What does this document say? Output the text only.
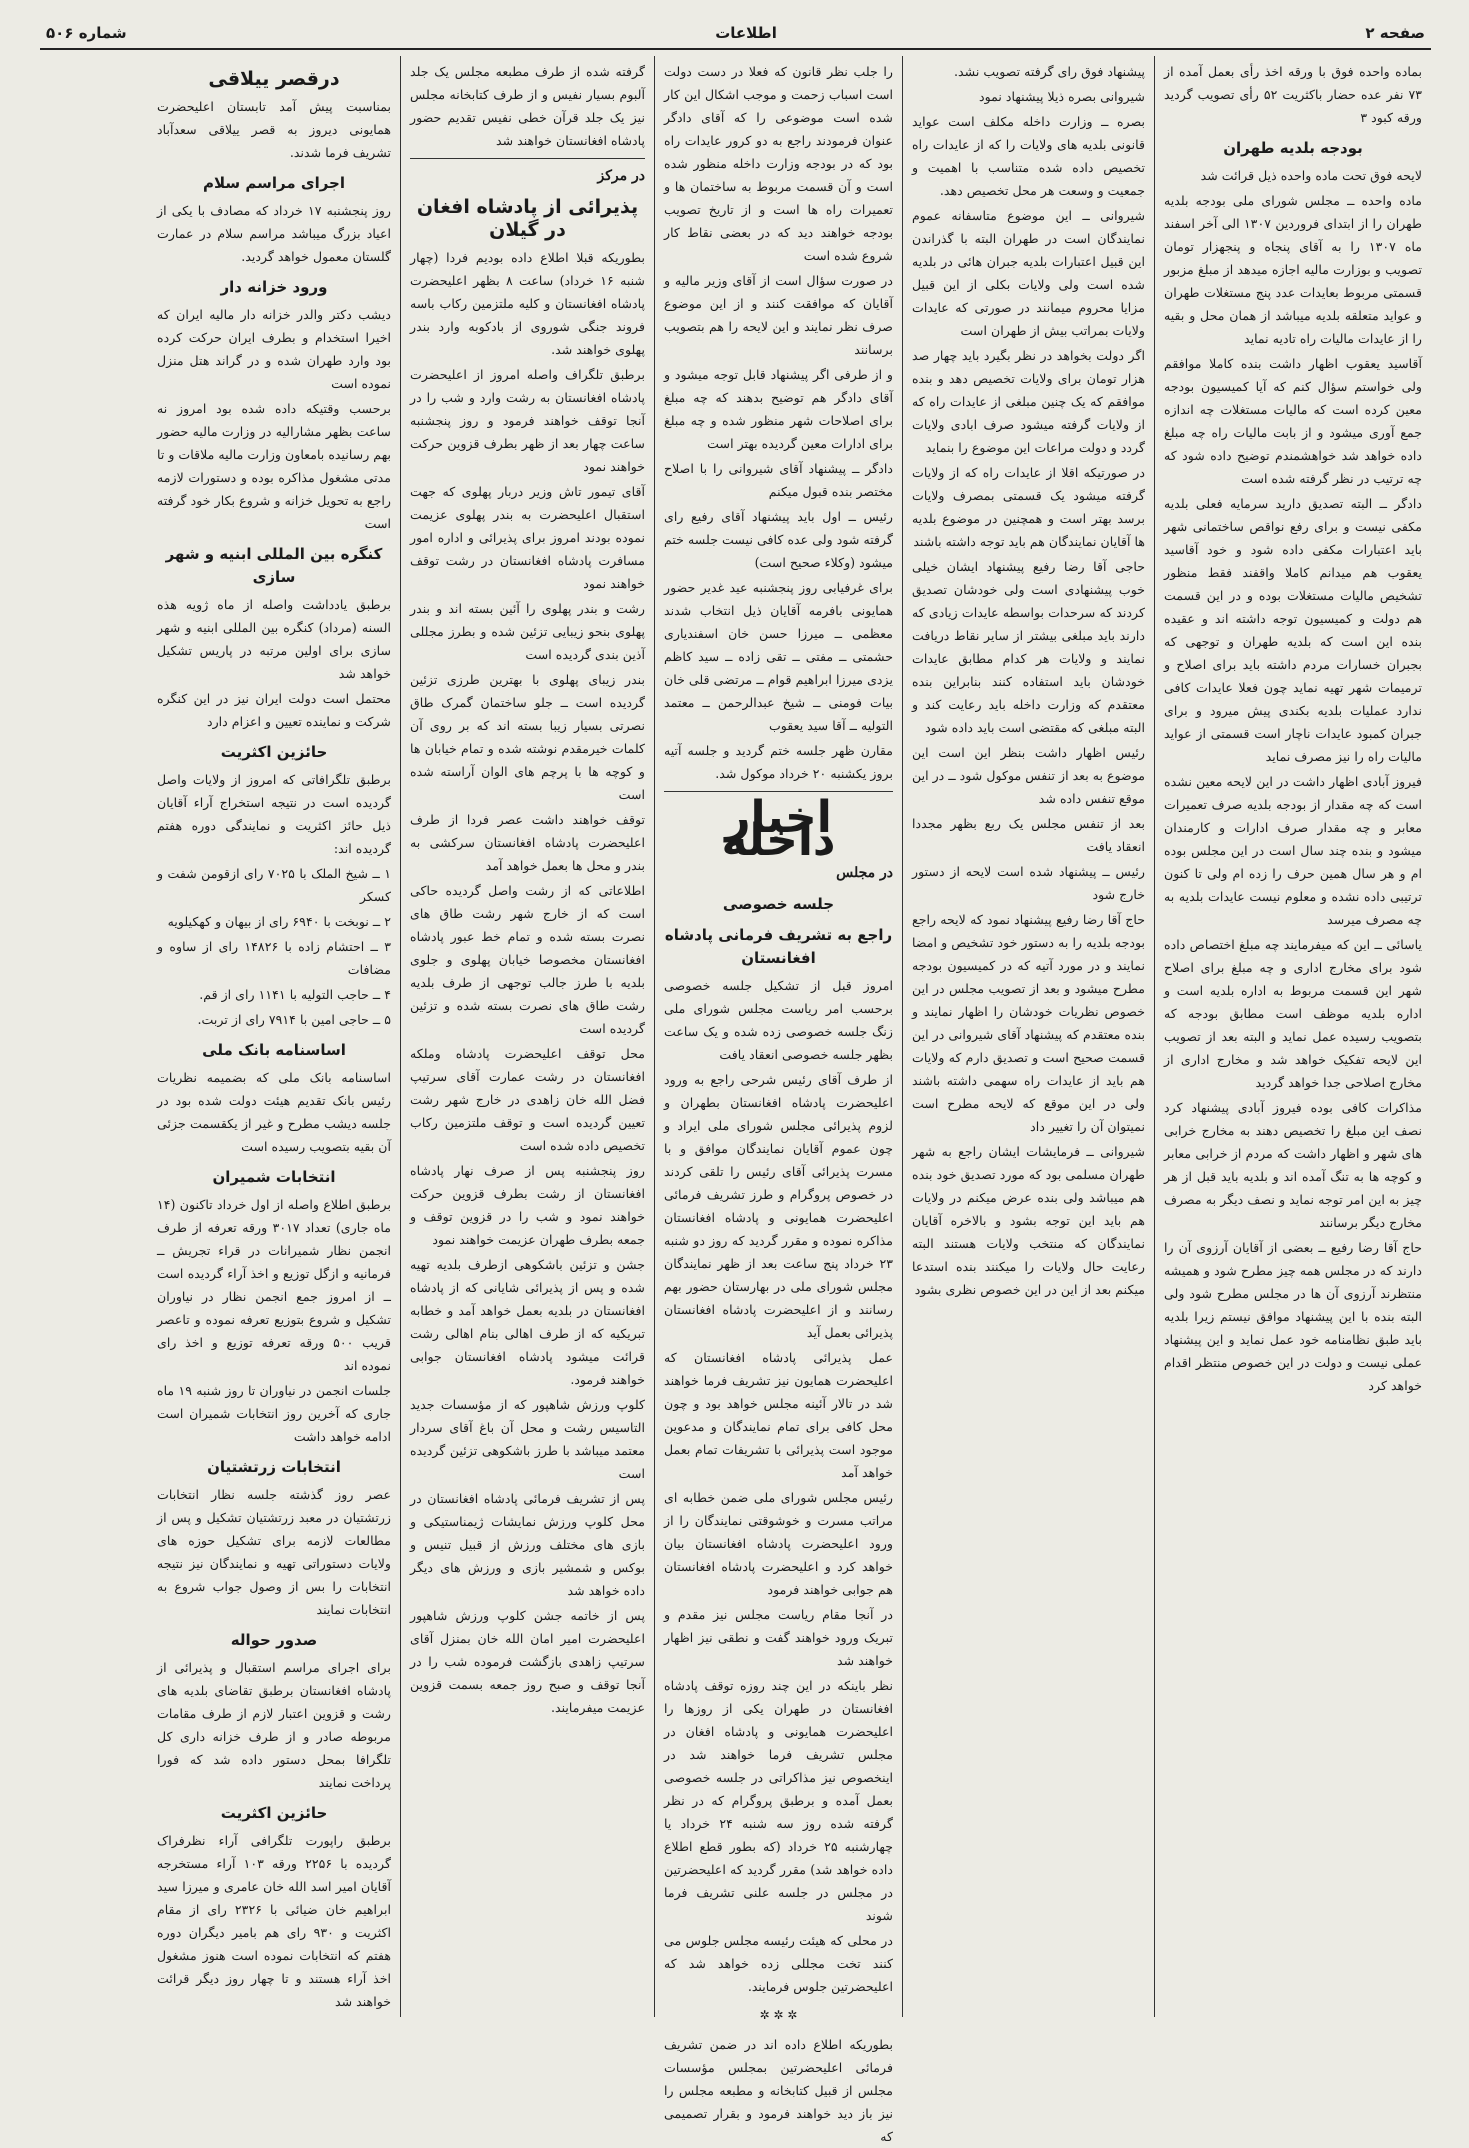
صفحه ۲
اطلاعات
شماره ۵۰۶

بماده واحده فوق با ورقه اخذ رأی بعمل آمده از ۷۳ نفر عده حضار باکثریت ۵۲ رأی تصویب گردید ورقه کبود ۳

بودجه بلدیه طهران

لایحه فوق تحت ماده واحده ذیل قرائت شد

ماده واحده ــ مجلس شورای ملی بودجه بلدیه طهران را از ابتدای فروردین ۱۳۰۷ الی آخر اسفند ماه ۱۳۰۷ را به آقای پنجاه و پنجهزار تومان تصویب و بوزارت ماليه اجازه میدهد از مبلغ مزبور قسمتی مربوط بعایدات عدد پنج مستغلات طهران و عواید متعلقه بلدیه میباشد از همان محل و بقیه را از عایدات مالیات راه تادیه نماید

آقاسید یعقوب اظهار داشت بنده کاملا موافقم ولی خواستم سؤال کنم که آیا کمیسیون بودجه معین کرده است که مالیات مستغلات چه اندازه جمع آوری میشود و از بابت مالیات راه چه مبلغ داده خواهد شد خواهشمندم توضیح داده شود که چه ترتیب در نظر گرفته شده است

دادگر ــ البته تصدیق دارید سرمایه فعلی بلدیه مکفی نیست و برای رفع نواقص ساختمانی شهر باید اعتبارات مکفی داده شود و خود آقاسید یعقوب هم میدانم کاملا واقفند فقط منظور تشخیص مالیات مستغلات بوده و در این قسمت هم دولت و کمیسیون توجه داشته اند و عقیده بنده این است که بلدیه طهران و توجهی که بجبران خسارات مردم داشته باید برای اصلاح و ترمیمات شهر تهیه نماید چون فعلا عایدات کافی ندارد عملیات بلدیه بکندی پیش میرود و برای جبران کمبود عایدات ناچار است قسمتی از عواید مالیات راه را نیز مصرف نماید

فیروز آبادی اظهار داشت در این لایحه معین نشده است که چه مقدار از بودجه بلدیه صرف تعمیرات معابر و چه مقدار صرف ادارات و کارمندان میشود و بنده چند سال است در این مجلس بوده ام و هر سال همین حرف را زده ام ولی تا کنون ترتیبی داده نشده و معلوم نیست عایدات بلدیه به چه مصرف میرسد

یاسائی ــ این که میفرمایند چه مبلغ اختصاص داده شود برای مخارج اداری و چه مبلغ برای اصلاح شهر این قسمت مربوط به اداره بلدیه است و اداره بلدیه موظف است مطابق بودجه که بتصویب رسیده عمل نماید و البته بعد از تصویب این لایحه تفکیک خواهد شد و مخارج اداری از مخارج اصلاحی جدا خواهد گردید

مذاکرات کافی بوده فیروز آبادی پیشنهاد کرد نصف این مبلغ را تخصیص دهند به مخارج خرابی های شهر و اظهار داشت که مردم از خرابی معابر و کوچه ها به تنگ آمده اند و بلدیه باید قبل از هر چیز به این امر توجه نماید و نصف دیگر به مصرف مخارج دیگر برسانند

حاج آقا رضا رفیع ــ بعضی از آقایان آرزوی آن را دارند که در مجلس همه چیز مطرح شود و همیشه منتظرند آرزوی آن ها در مجلس مطرح شود ولی البته بنده با این پیشنهاد موافق نیستم زیرا بلدیه باید طبق نظامنامه خود عمل نماید و این پیشنهاد عملی نیست و دولت در این خصوص منتظر اقدام خواهد کرد

پیشنهاد فوق رای گرفته تصویب نشد.

شیروانی بصره ذیلا پیشنهاد نمود

بصره ــ وزارت داخله مکلف است عواید قانونی بلدیه های ولایات را که از عایدات راه تخصیص داده شده متناسب با اهمیت و جمعیت و وسعت هر محل تخصیص دهد.

شیروانی ــ این موضوع متاسفانه عموم نمایندگان است در طهران البته با گذراندن این قبیل اعتبارات بلدیه جبران هائی در بلدیه شده است ولی ولایات بکلی از این قبیل مزایا محروم میمانند در صورتی که عایدات ولایات بمراتب بیش از طهران است

اگر دولت بخواهد در نظر بگیرد باید چهار صد هزار تومان برای ولایات تخصیص دهد و بنده موافقم که یک چنین مبلغی از عایدات راه که از ولایات گرفته میشود صرف ابادی ولایات گردد و دولت مراعات این موضوع را بنماید

در صورتیکه اقلا از عایدات راه که از ولایات گرفته میشود یک قسمتی بمصرف ولایات برسد بهتر است و همچنین در موضوع بلدیه ها آقایان نمایندگان هم باید توجه داشته باشند

حاجی آقا رضا رفیع پیشنهاد ایشان خیلی خوب پیشنهادی است ولی خودشان تصدیق کردند که سرحدات بواسطه عایدات زیادی که دارند باید مبلغی بیشتر از سایر نقاط دریافت نمایند و ولایات هر کدام مطابق عایدات خودشان باید استفاده کنند بنابراین بنده معتقدم که وزارت داخله باید رعایت کند و البته مبلغی که مقتضی است باید داده شود

رئیس اظهار داشت بنظر این است این موضوع به بعد از تنفس موکول شود ــ در این موقع تنفس داده شد

بعد از تنفس مجلس یک ربع بظهر مجددا انعقاد یافت

رئیس ــ پیشنهاد شده است لایحه از دستور خارج شود

حاج آقا رضا رفیع پیشنهاد نمود که لایحه راجع بودجه بلدیه را به دستور خود تشخیص و امضا نمایند و در مورد آتیه که در کمیسیون بودجه مطرح میشود و بعد از تصویب مجلس در این خصوص نظریات خودشان را اظهار نمایند و بنده معتقدم که پیشنهاد آقای شیروانی در این قسمت صحیح است و تصدیق دارم که ولایات هم باید از عایدات راه سهمی داشته باشند ولی در این موقع که لایحه مطرح است نمیتوان آن را تغییر داد

شیروانی ــ فرمایشات ایشان راجع به شهر طهران مسلمی بود که مورد تصدیق خود بنده هم میباشد ولی بنده عرض میکنم در ولایات هم باید این توجه بشود و بالاخره آقایان نمایندگان که منتخب ولایات هستند البته رعایت حال ولایات را میکنند بنده استدعا میکنم بعد از این در این خصوص نظری بشود

را جلب نظر قانون که فعلا در دست دولت است اسباب زحمت و موجب اشکال این کار شده است موضوعی را که آقای دادگر عنوان فرمودند راجع به دو کرور عایدات راه بود که در بودجه وزارت داخله منظور شده است و آن قسمت مربوط به ساختمان ها و تعمیرات راه ها است و از تاریخ تصویب بودجه خواهند دید که در بعضی نقاط کار شروع شده است

در صورت سؤال است از آقای وزیر مالیه و آقایان که موافقت کنند و از این موضوع صرف نظر نمایند و این لایحه را هم بتصویب برسانند

و از طرفی اگر پیشنهاد قابل توجه میشود و آقای دادگر هم توضیح بدهند که چه مبلغ برای اصلاحات شهر منظور شده و چه مبلغ برای ادارات معین گردیده بهتر است

دادگر ــ پیشنهاد آقای شیروانی را با اصلاح مختصر بنده قبول میکنم

رئیس ــ اول باید پیشنهاد آقای رفیع رای گرفته شود ولی عده کافی نیست جلسه ختم میشود (وکلاء صحیح است)

برای غرفیابی روز پنجشنبه عید غدیر حضور همایونی بافرمه آقایان ذیل انتخاب شدند معظمی ــ میرزا حسن خان اسفندیاری حشمتی ــ مفتی ــ تقی زاده ــ سید کاظم یزدی میرزا ابراهیم قوام ــ مرتضی قلی خان بیات فومنی ــ شیخ عبدالرحمن ــ معتمد التولیه ــ آقا سید یعقوب

مقارن ظهر جلسه ختم گردید و جلسه آتیه بروز یکشنبه ۲۰ خرداد موکول شد.

اخبار داخله
در مجلس
جلسه خصوصی
راجع به تشریف فرمانی پادشاه افغانستان

امروز قبل از تشکیل جلسه خصوصی برحسب امر ریاست مجلس شورای ملی زنگ جلسه خصوصی زده شده و یک ساعت بظهر جلسه خصوصی انعقاد یافت

از طرف آقای رئیس شرحی راجع به ورود اعلیحضرت پادشاه افغانستان بطهران و لزوم پذیرائی مجلس شورای ملی ایراد و چون عموم آقایان نمایندگان موافق و با مسرت پذیرائی آقای رئیس را تلقی کردند در خصوص پروگرام و طرز تشریف فرمائی اعلیحضرت همایونی و پادشاه افغانستان مذاکره نموده و مقرر گردید که روز دو شنبه ۲۳ خرداد پنج ساعت بعد از ظهر نمایندگان مجلس شورای ملی در بهارستان حضور بهم رسانند و از اعلیحضرت پادشاه افغانستان پذیرائی بعمل آید

عمل پذیرائی پادشاه افغانستان که اعلیحضرت همایون نیز تشریف فرما خواهند شد در تالار آئینه مجلس خواهد بود و چون محل کافی برای تمام نمایندگان و مدعوین موجود است پذیرائی با تشریفات تمام بعمل خواهد آمد

رئیس مجلس شورای ملی ضمن خطابه ای مراتب مسرت و خوشوقتی نمایندگان را از ورود اعلیحضرت پادشاه افغانستان بیان خواهد کرد و اعلیحضرت پادشاه افغانستان هم جوابی خواهند فرمود

در آنجا مقام ریاست مجلس نیز مقدم و تبریک ورود خواهند گفت و نطقی نیز اظهار خواهند شد

نظر باینکه در این چند روزه توقف پادشاه افغانستان در طهران یکی از روزها را اعلیحضرت همایونی و پادشاه افغان در مجلس تشریف فرما خواهند شد در اینخصوص نیز مذاکراتی در جلسه خصوصی بعمل آمده و برطبق پروگرام که در نظر گرفته شده روز سه شنبه ۲۴ خرداد یا چهارشنبه ۲۵ خرداد (که بطور قطع اطلاع داده خواهد شد) مقرر گردید که اعلیحضرتین در مجلس در جلسه علنی تشریف فرما شوند

در محلی که هیئت رئیسه مجلس جلوس می کنند تخت مجللی زده خواهد شد که اعلیحضرتین جلوس فرمایند.

✲ ✲ ✲

بطوریکه اطلاع داده اند در ضمن تشریف فرمائی اعلیحضرتین بمجلس مؤسسات مجلس از قبیل کتابخانه و مطبعه مجلس را نیز باز دید خواهند فرمود و بقرار تصمیمی که

گرفته شده از طرف مطبعه مجلس یک جلد آلبوم بسیار نفیس و از طرف کتابخانه مجلس نیز یک جلد قرآن خطی نفیس تقدیم حضور پادشاه افغانستان خواهند شد

در مرکز
پذیرائی از پادشاه افغان در گیلان

بطوریکه قبلا اطلاع داده بودیم فردا (چهار شنبه ۱۶ خرداد) ساعت ۸ بظهر اعلیحضرت پادشاه افغانستان و کلیه ملتزمین رکاب باسه فروند جنگی شوروی از بادکوبه وارد بندر پهلوی خواهند شد.

برطبق تلگراف واصله امروز از اعلیحضرت پادشاه افغانستان به رشت وارد و شب را در آنجا توقف خواهند فرمود و روز پنجشنبه ساعت چهار بعد از ظهر بطرف قزوین حرکت خواهند نمود

آقای تیمور تاش وزیر دربار پهلوی که جهت استقبال اعلیحضرت به بندر پهلوی عزیمت نموده بودند امروز برای پذیرائی و اداره امور مسافرت پادشاه افغانستان در رشت توقف خواهند نمود

رشت و بندر پهلوی را آئین بسته اند و بندر پهلوی بنحو زیبایی تزئین شده و بطرز مجللی آذین بندی گردیده است

بندر زیبای پهلوی با بهترین طرزی تزئین گردیده است ــ جلو ساختمان گمرک طاق نصرتی بسیار زیبا بسته اند که بر روی آن کلمات خیرمقدم نوشته شده و تمام خیابان ها و کوچه ها با پرچم های الوان آراسته شده است

توقف خواهند داشت عصر فردا از طرف اعلیحضرت پادشاه افغانستان سرکشی به بندر و محل ها بعمل خواهد آمد

اطلاعاتی که از رشت واصل گردیده حاکی است که از خارج شهر رشت طاق های نصرت بسته شده و تمام خط عبور پادشاه افغانستان مخصوصا خیابان پهلوی و جلوی بلدیه با طرز جالب توجهی از طرف بلدیه رشت طاق های نصرت بسته شده و تزئین گردیده است

محل توقف اعلیحضرت پادشاه وملکه افغانستان در رشت عمارت آقای سرتیپ فضل الله خان زاهدی در خارج شهر رشت تعیین گردیده است و توقف ملتزمین رکاب تخصیص داده شده است

روز پنجشنبه پس از صرف نهار پادشاه افغانستان از رشت بطرف قزوین حرکت خواهند نمود و شب را در قزوین توقف و جمعه بطرف طهران عزیمت خواهند نمود

جشن و تزئین باشکوهی ازطرف بلدیه تهیه شده و پس از پذیرائی شایانی که از پادشاه افغانستان در بلدیه بعمل خواهد آمد و خطابه تبریکیه که از طرف اهالی بنام اهالی رشت قرائت میشود پادشاه افغانستان جوابی خواهند فرمود.

کلوپ ورزش شاهپور که از مؤسسات جدید التاسیس رشت و محل آن باغ آقای سردار معتمد میباشد با طرز باشکوهی تزئین گردیده است

پس از تشریف فرمائی پادشاه افغانستان در محل کلوپ ورزش نمایشات ژیمناستیکی و بازی های مختلف ورزش از قبیل تنیس و بوکس و شمشیر بازی و ورزش های دیگر داده خواهد شد

پس از خاتمه جشن کلوپ ورزش شاهپور اعلیحضرت امیر امان الله خان بمنزل آقای سرتیپ زاهدی بازگشت فرموده شب را در آنجا توقف و صبح روز جمعه بسمت قزوین عزیمت میفرمایند.

درقصر ییلاقی

بمناسبت پیش آمد تابستان اعلیحضرت همایونی دیروز به قصر ییلاقی سعدآباد تشریف فرما شدند.

اجرای مراسم سلام

روز پنجشنبه ۱۷ خرداد که مصادف با یکی از اعیاد بزرگ میباشد مراسم سلام در عمارت گلستان معمول خواهد گردید.

ورود خزانه دار

دیشب دکتر والدر خزانه دار مالیه ایران که اخیرا استخدام و بطرف ایران حرکت کرده بود وارد طهران شده و در گراند هتل منزل نموده است

برحسب وقتیکه داده شده بود امروز نه ساعت بظهر مشارالیه در وزارت مالیه حضور بهم رسانیده بامعاون وزارت مالیه ملاقات و تا مدتی مشغول مذاکره بوده و دستورات لازمه راجع به تحویل خزانه و شروع بکار خود گرفته است

کنگره بین المللی ابنیه و شهر سازی

برطبق یادداشت واصله از ماه ژویه هذه السنه (مرداد) کنگره بین المللی ابنیه و شهر سازی برای اولین مرتبه در پاریس تشکیل خواهد شد

محتمل است دولت ایران نیز در این کنگره شرکت و نماینده تعیین و اعزام دارد

حائزین اکثریت

برطبق تلگرافاتی که امروز از ولایات واصل گردیده است در نتیجه استخراج آراء آقایان ذیل حائز اکثریت و نمایندگی دوره هفتم گردیده اند:

۱ ــ شیخ الملک با ۷۰۲۵ رای ازقومن شفت و کسکر

۲ ــ نوبخت با ۶۹۴۰ رای از بیهان و کهکیلویه

۳ ــ احتشام زاده با ۱۴۸۲۶ رای از ساوه و مضافات

۴ ــ حاجب التولیه با ۱۱۴۱ رای از قم.

۵ ــ حاجی امین با ۷۹۱۴ رای از تربت.

اساسنامه بانک ملی

اساسنامه بانک ملی که بضمیمه نظریات رئیس بانک تقدیم هیئت دولت شده بود در جلسه دیشب مطرح و غیر از یکقسمت جزئی آن بقیه بتصویب رسیده است

انتخابات شمیران

برطبق اطلاع واصله از اول خرداد تاکنون (۱۴ ماه جاری) تعداد ۳۰۱۷ ورقه تعرفه از طرف انجمن نظار شمیرانات در قراء تجریش ــ فرمانیه و ازگل توزیع و اخذ آراء گردیده است ــ از امروز جمع انجمن نظار در نیاوران تشکیل و شروع بتوزیع تعرفه نموده و تاعصر قریب ۵۰۰ ورقه تعرفه توزیع و اخذ رای نموده اند

جلسات انجمن در نیاوران تا روز شنبه ۱۹ ماه جاری که آخرین روز انتخابات شمیران است ادامه خواهد داشت

انتخابات زرتشتیان

عصر روز گذشته جلسه نظار انتخابات زرتشتیان در معبد زرتشتیان تشکیل و پس از مطالعات لازمه برای تشکیل حوزه های ولایات دستوراتی تهیه و نمایندگان نیز نتیجه انتخابات را بس از وصول جواب شروع به انتخابات نمایند

صدور حواله

برای اجرای مراسم استقبال و پذیرائی از پادشاه افغانستان برطبق تقاضای بلدیه های رشت و قزوین اعتبار لازم از طرف مقامات مربوطه صادر و از طرف خزانه داری کل تلگرافا بمحل دستور داده شد که فورا پرداخت نمایند

حائزین اکثریت

برطبق راپورت تلگرافی آراء نظرفراک گردیده با ۲۲۵۶ ورقه ۱۰۳ آراء مستخرجه آقایان امیر اسد الله خان عامری و میرزا سید ابراهیم خان ضیائی با ۲۳۲۶ رای از مقام اکثریت و ۹۳۰ رای هم بامیر دیگران دوره هفتم که انتخابات نموده است هنوز مشغول اخذ آراء هستند و تا چهار روز دیگر قرائت خواهند شد
